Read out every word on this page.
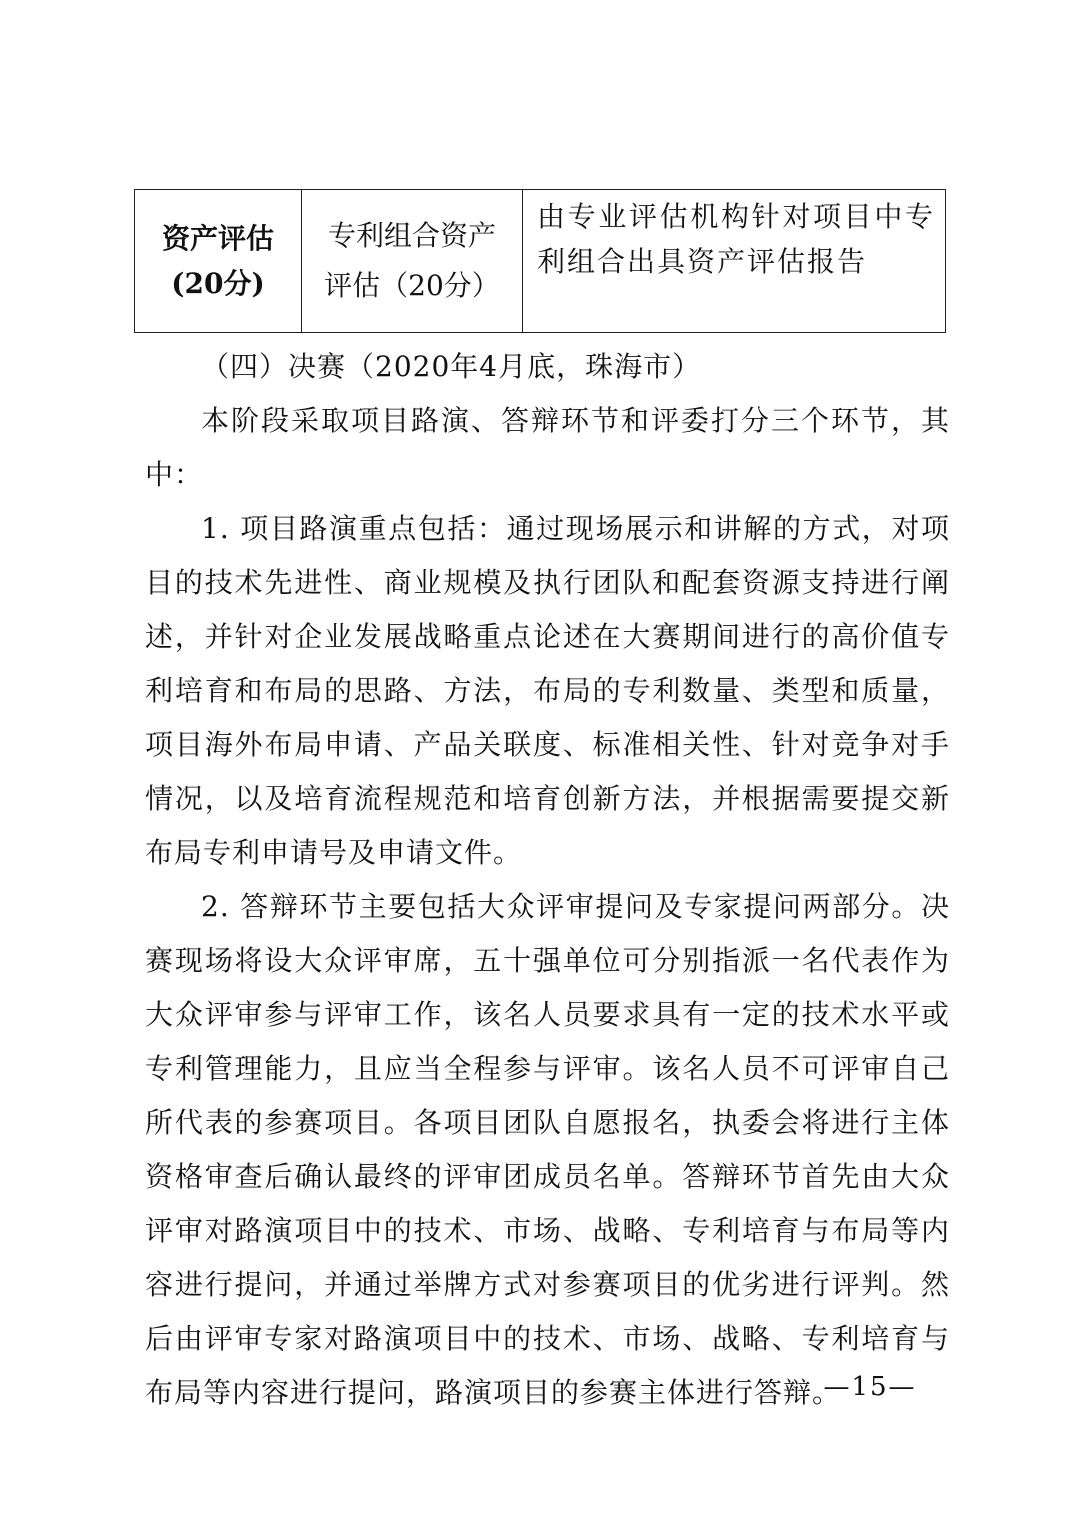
资产评估
(20分)

专利组合资产
评估（20分）
	由专业评估机构针对项目中专利组合出具资产评估报告

（四）决赛（2020年4月底，珠海市）

本阶段采取项目路演、答辩环节和评委打分三个环节，其中：

1. 项目路演重点包括：通过现场展示和讲解的方式，对项目的技术先进性、商业规模及执行团队和配套资源支持进行阐述，并针对企业发展战略重点论述在大赛期间进行的高价值专利培育和布局的思路、方法，布局的专利数量、类型和质量，项目海外布局申请、产品关联度、标准相关性、针对竞争对手情况，以及培育流程规范和培育创新方法，并根据需要提交新布局专利申请号及申请文件。

2. 答辩环节主要包括大众评审提问及专家提问两部分。决赛现场将设大众评审席，五十强单位可分别指派一名代表作为大众评审参与评审工作，该名人员要求具有一定的技术水平或专利管理能力，且应当全程参与评审。该名人员不可评审自己所代表的参赛项目。各项目团队自愿报名，执委会将进行主体资格审查后确认最终的评审团成员名单。答辩环节首先由大众评审对路演项目中的技术、市场、战略、专利培育与布局等内容进行提问，并通过举牌方式对参赛项目的优劣进行评判。然后由评审专家对路演项目中的技术、市场、战略、专利培育与布局等内容进行提问，路演项目的参赛主体进行答辩。

—15—
